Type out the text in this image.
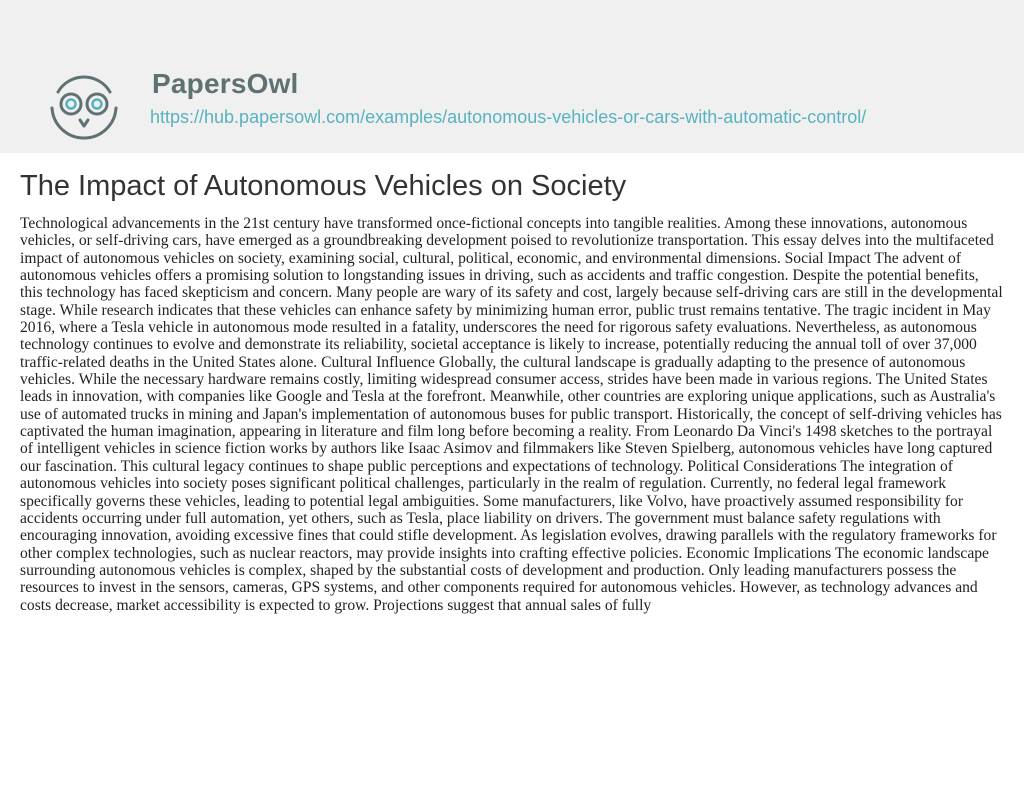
PapersOwl
https://hub.papersowl.com/examples/autonomous-vehicles-or-cars-with-automatic-control/
The Impact of Autonomous Vehicles on Society

Technological advancements in the 21st century have transformed once-fictional concepts into tangible realities. Among these innovations, autonomous vehicles, or self-driving cars, have emerged as a groundbreaking development poised to revolutionize transportation. This essay delves into the multifaceted impact of autonomous vehicles on society, examining social, cultural, political, economic, and environmental dimensions. Social Impact The advent of autonomous vehicles offers a promising solution to longstanding issues in driving, such as accidents and traffic congestion. Despite the potential benefits, this technology has faced skepticism and concern. Many people are wary of its safety and cost, largely because self-driving cars are still in the developmental stage. While research indicates that these vehicles can enhance safety by minimizing human error, public trust remains tentative. The tragic incident in May 2016, where a Tesla vehicle in autonomous mode resulted in a fatality, underscores the need for rigorous safety evaluations. Nevertheless, as autonomous technology continues to evolve and demonstrate its reliability, societal acceptance is likely to increase, potentially reducing the annual toll of over 37,000 traffic-related deaths in the United States alone. Cultural Influence Globally, the cultural landscape is gradually adapting to the presence of autonomous vehicles. While the necessary hardware remains costly, limiting widespread consumer access, strides have been made in various regions. The United States leads in innovation, with companies like Google and Tesla at the forefront. Meanwhile, other countries are exploring unique applications, such as Australia's use of automated trucks in mining and Japan's implementation of autonomous buses for public transport. Historically, the concept of self-driving vehicles has captivated the human imagination, appearing in literature and film long before becoming a reality. From Leonardo Da Vinci's 1498 sketches to the portrayal of intelligent vehicles in science fiction works by authors like Isaac Asimov and filmmakers like Steven Spielberg, autonomous vehicles have long captured our fascination. This cultural legacy continues to shape public perceptions and expectations of technology. Political Considerations The integration of autonomous vehicles into society poses significant political challenges, particularly in the realm of regulation. Currently, no federal legal framework specifically governs these vehicles, leading to potential legal ambiguities. Some manufacturers, like Volvo, have proactively assumed responsibility for accidents occurring under full automation, yet others, such as Tesla, place liability on drivers. The government must balance safety regulations with encouraging innovation, avoiding excessive fines that could stifle development. As legislation evolves, drawing parallels with the regulatory frameworks for other complex technologies, such as nuclear reactors, may provide insights into crafting effective policies. Economic Implications The economic landscape surrounding autonomous vehicles is complex, shaped by the substantial costs of development and production. Only leading manufacturers possess the resources to invest in the sensors, cameras, GPS systems, and other components required for autonomous vehicles. However, as technology advances and costs decrease, market accessibility is expected to grow. Projections suggest that annual sales of fully
